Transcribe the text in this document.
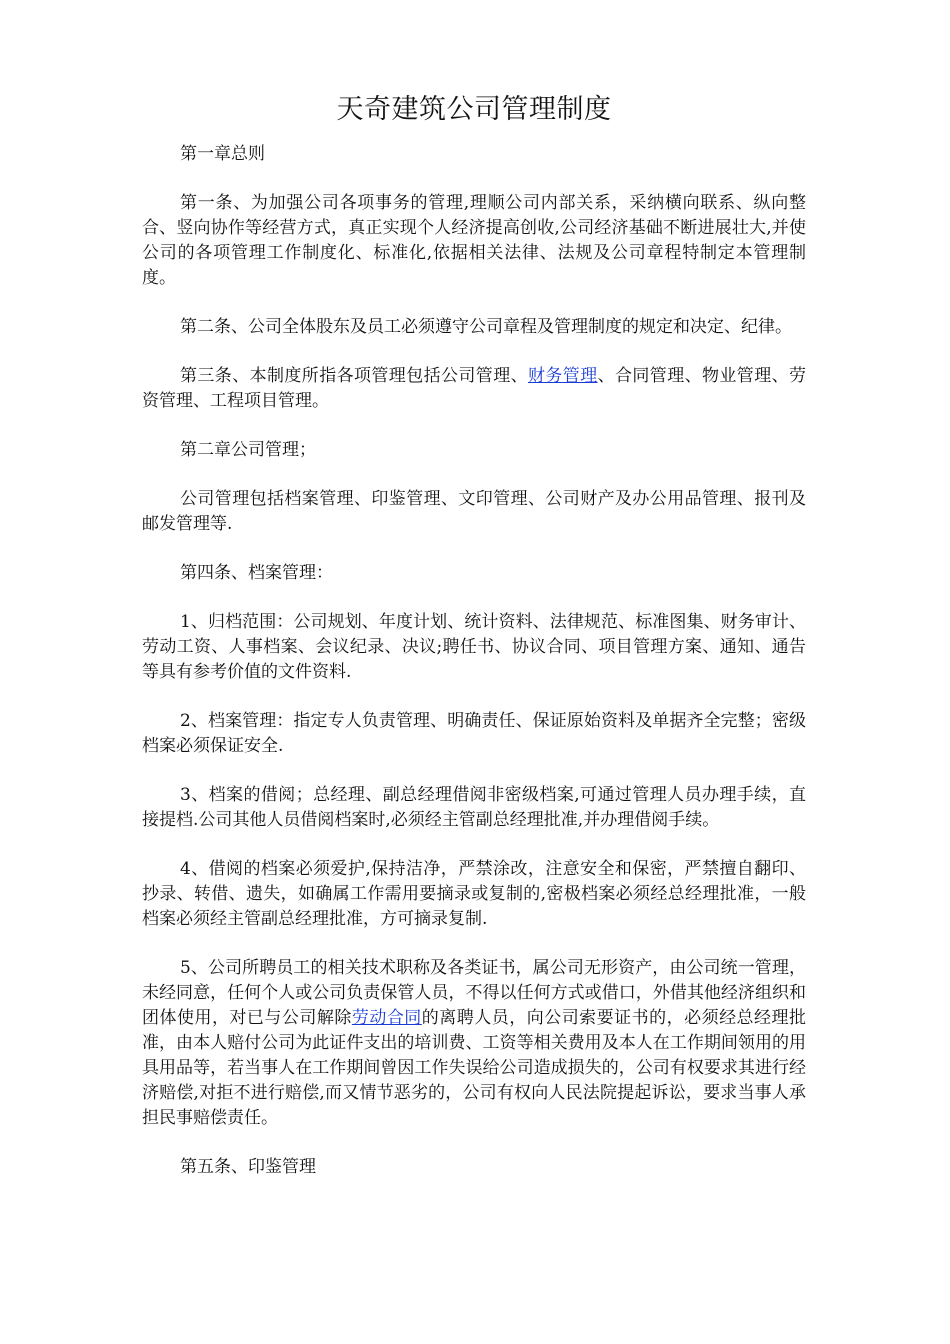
天奇建筑公司管理制度

第一章总则

第一条、为加强公司各项事务的管理,理顺公司内部关系，采纳横向联系、纵向整合、竖向协作等经营方式，真正实现个人经济提高创收,公司经济基础不断进展壮大,并使公司的各项管理工作制度化、标准化,依据相关法律、法规及公司章程特制定本管理制度。

第二条、公司全体股东及员工必须遵守公司章程及管理制度的规定和决定、纪律。

第三条、本制度所指各项管理包括公司管理、财务管理、合同管理、物业管理、劳资管理、工程项目管理。

第二章公司管理；

公司管理包括档案管理、印鉴管理、文印管理、公司财产及办公用品管理、报刊及邮发管理等.

第四条、档案管理：

1、归档范围：公司规划、年度计划、统计资料、法律规范、标准图集、财务审计、劳动工资、人事档案、会议纪录、决议;聘任书、协议合同、项目管理方案、通知、通告等具有参考价值的文件资料.

2、档案管理：指定专人负责管理、明确责任、保证原始资料及单据齐全完整；密级档案必须保证安全.

3、档案的借阅；总经理、副总经理借阅非密级档案,可通过管理人员办理手续，直接提档.公司其他人员借阅档案时,必须经主管副总经理批准,并办理借阅手续。

4、借阅的档案必须爱护,保持洁净，严禁涂改，注意安全和保密，严禁擅自翻印、抄录、转借、遗失，如确属工作需用要摘录或复制的,密极档案必须经总经理批准，一般档案必须经主管副总经理批准，方可摘录复制.

5、公司所聘员工的相关技术职称及各类证书，属公司无形资产，由公司统一管理，未经同意，任何个人或公司负责保管人员，不得以任何方式或借口，外借其他经济组织和团体使用，对已与公司解除劳动合同的离聘人员，向公司索要证书的，必须经总经理批准，由本人赔付公司为此证件支出的培训费、工资等相关费用及本人在工作期间领用的用具用品等，若当事人在工作期间曾因工作失误给公司造成损失的，公司有权要求其进行经济赔偿,对拒不进行赔偿,而又情节恶劣的，公司有权向人民法院提起诉讼，要求当事人承担民事赔偿责任。

第五条、印鉴管理
